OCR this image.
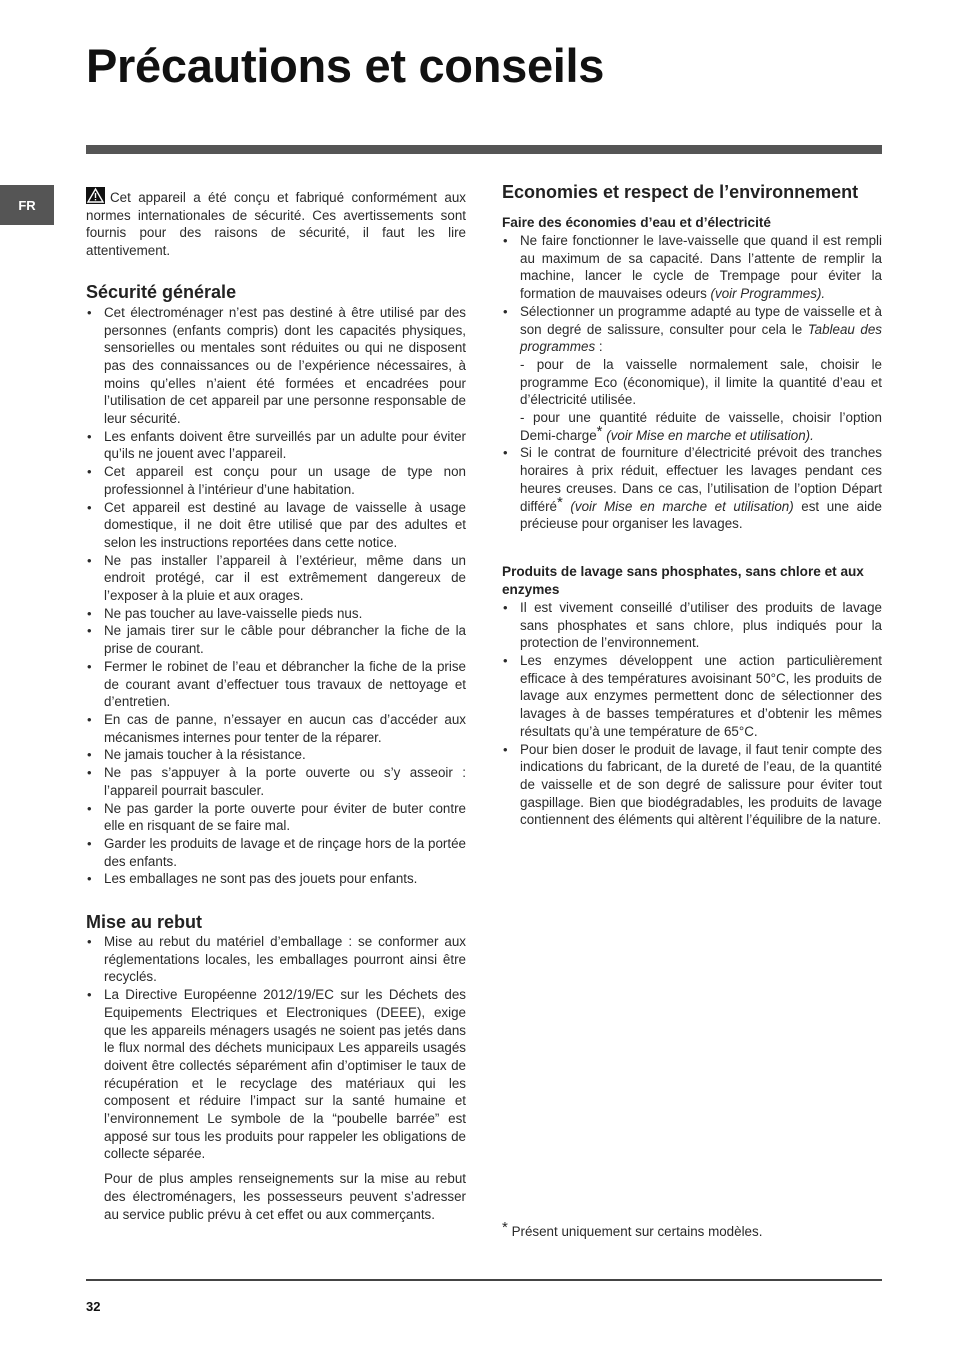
Précautions et conseils
FR	Cet appareil a été conçu et fabriqué conformément aux normes internationales de sécurité. Ces avertissements sont fournis pour des raisons de sécurité, il faut les lire attentivement.

Sécurité générale
• Cet électroménager n’est pas destiné à être utilisé par des personnes (enfants compris) dont les capacités physiques, sensorielles ou mentales sont réduites ou qui ne disposent pas des connaissances ou de l’expérience nécessaires, à moins qu’elles n’aient été formées et encadrées pour l’utilisation de cet appareil par une personne responsable de leur sécurité.
• Les enfants doivent être surveillés par un adulte pour éviter qu’ils ne jouent avec l’appareil.
• Cet appareil est conçu pour un usage de type non professionnel à l’intérieur d’une habitation.
• Cet appareil est destiné au lavage de vaisselle à usage domestique, il ne doit être utilisé que par des adultes et selon les instructions reportées dans cette notice.
• Ne pas installer l’appareil à l’extérieur, même dans un endroit protégé, car il est extrêmement dangereux de l’exposer à la pluie et aux orages.
• Ne pas toucher au lave-vaisselle pieds nus.
• Ne jamais tirer sur le câble pour débrancher la fiche de la prise de courant.
• Fermer le robinet de l’eau et débrancher la fiche de la prise de courant avant d’effectuer tous travaux de nettoyage et d’entretien.
• En cas de panne, n’essayer en aucun cas d’accéder aux mécanismes internes pour tenter de la réparer.
• Ne jamais toucher à la résistance.
• Ne pas s’appuyer à la porte ouverte ou s’y asseoir : l’appareil pourrait basculer.
• Ne pas garder la porte ouverte pour éviter de buter contre elle en risquant de se faire mal.
• Garder les produits de lavage et de rinçage hors de la portée des enfants.
• Les emballages ne sont pas des jouets pour enfants.
Mise au rebut
• Mise au rebut du matériel d’emballage : se conformer aux réglementations locales, les emballages pourront ainsi être recyclés.
• La Directive Européenne 2012/19/EC sur les Déchets des Equipements Electriques et Electroniques (DEEE), exige que les appareils ménagers usagés ne soient pas jetés dans le flux normal des déchets municipaux Les appareils usagés doivent être collectés séparément afin d’optimiser le taux de récupération et le recyclage des matériaux qui les composent et réduire l’impact sur la santé humaine et l’environnement Le symbole de la “poubelle barrée” est apposé sur tous les produits pour rappeler les obligations de collecte séparée.

Pour de plus amples renseignements sur la mise au rebut des électroménagers, les possesseurs peuvent s’adresser au service public prévu à cet effet ou aux commerçants.

Economies et respect de l’environnement
Faire des économies d’eau et d’électricité
• Ne faire fonctionner le lave-vaisselle que quand il est rempli au maximum de sa capacité. Dans l’attente de remplir la machine, lancer le cycle de Trempage pour éviter la formation de mauvaises odeurs (voir Programmes).
• Sélectionner un programme adapté au type de vaisselle et à son degré de salissure, consulter pour cela le Tableau des programmes :
- pour de la vaisselle normalement sale, choisir le programme Eco (économique), il limite la quantité d’eau et d’électricité utilisée.
- pour une quantité réduite de vaisselle, choisir l’option Demi-charge* (voir Mise en marche et utilisation).
• Si le contrat de fourniture d’électricité prévoit des tranches horaires à prix réduit, effectuer les lavages pendant ces heures creuses. Dans ce cas, l’utilisation de l’option Départ différé* (voir Mise en marche et utilisation) est une aide précieuse pour organiser les lavages.
Produits de lavage sans phosphates, sans chlore et aux enzymes
• Il est vivement conseillé d’utiliser des produits de lavage sans phosphates et sans chlore, plus indiqués pour la protection de l’environnement.
• Les enzymes développent une action particulièrement efficace à des températures avoisinant 50°C, les produits de lavage aux enzymes permettent donc de sélectionner des lavages à de basses températures et d’obtenir les mêmes résultats qu’à une température de 65°C.
• Pour bien doser le produit de lavage, il faut tenir compte des indications du fabricant, de la dureté de l’eau, de la quantité de vaisselle et de son degré de salissure pour éviter tout gaspillage. Bien que biodégradables, les produits de lavage contiennent des éléments qui altèrent l’équilibre de la nature.
* Présent uniquement sur certains modèles.
32
